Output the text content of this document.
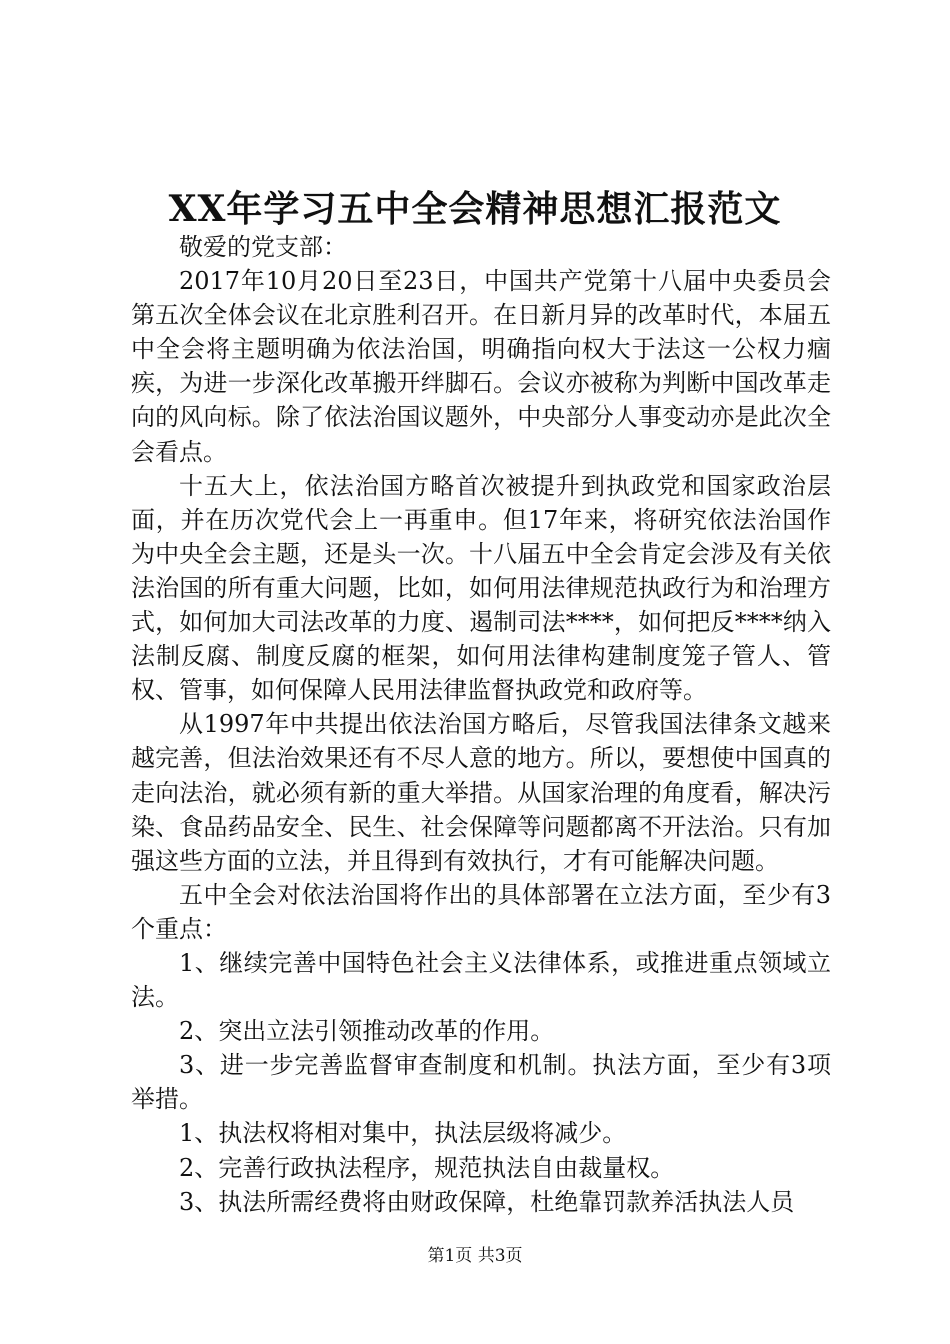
XX年学习五中全会精神思想汇报范文

敬爱的党支部：

2017年10月20日至23日，中国共产党第十八届中央委员会第五次全体会议在北京胜利召开。在日新月异的改革时代，本届五中全会将主题明确为依法治国，明确指向权大于法这一公权力痼疾，为进一步深化改革搬开绊脚石。会议亦被称为判断中国改革走向的风向标。除了依法治国议题外，中央部分人事变动亦是此次全会看点。

十五大上，依法治国方略首次被提升到执政党和国家政治层面，并在历次党代会上一再重申。但17年来，将研究依法治国作为中央全会主题，还是头一次。十八届五中全会肯定会涉及有关依法治国的所有重大问题，比如，如何用法律规范执政行为和治理方式，如何加大司法改革的力度、遏制司法****，如何把反****纳入法制反腐、制度反腐的框架，如何用法律构建制度笼子管人、管权、管事，如何保障人民用法律监督执政党和政府等。

从1997年中共提出依法治国方略后，尽管我国法律条文越来越完善，但法治效果还有不尽人意的地方。所以，要想使中国真的走向法治，就必须有新的重大举措。从国家治理的角度看，解决污染、食品药品安全、民生、社会保障等问题都离不开法治。只有加强这些方面的立法，并且得到有效执行，才有可能解决问题。

五中全会对依法治国将作出的具体部署在立法方面，至少有3个重点：

1、继续完善中国特色社会主义法律体系，或推进重点领域立法。

2、突出立法引领推动改革的作用。

3、进一步完善监督审查制度和机制。执法方面，至少有3项举措。

1、执法权将相对集中，执法层级将减少。

2、完善行政执法程序，规范执法自由裁量权。

3、执法所需经费将由财政保障，杜绝靠罚款养活执法人员

第1页 共3页
